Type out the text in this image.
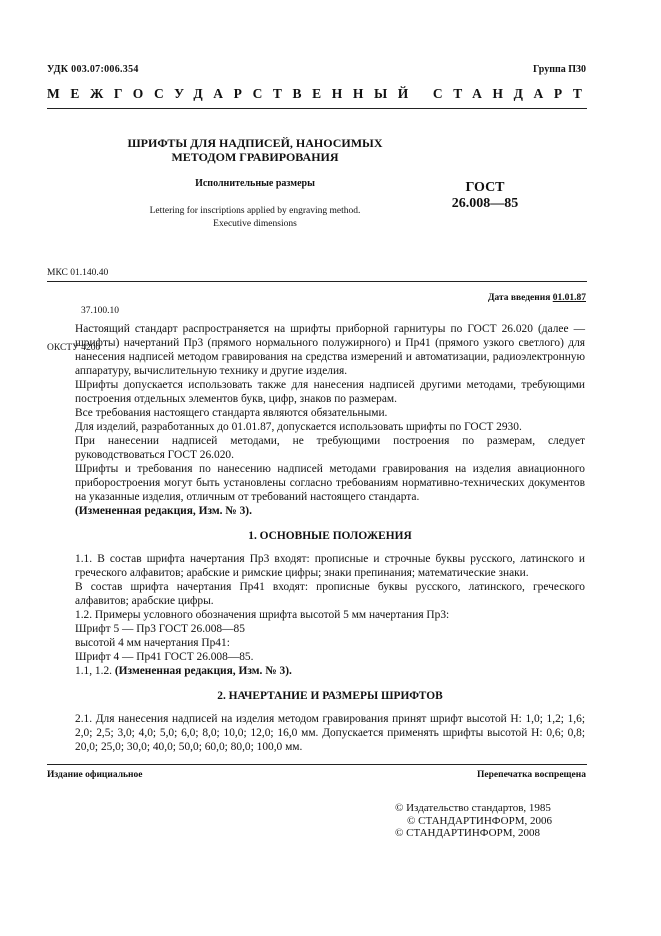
УДК 003.07:006.354	Группа П30
МЕЖГОСУДАРСТВЕННЫЙ СТАНДАРТ
ШРИФТЫ ДЛЯ НАДПИСЕЙ, НАНОСИМЫХ
МЕТОДОМ ГРАВИРОВАНИЯ
Исполнительные размеры
Lettering for inscriptions applied by engraving method.
Executive dimensions
ГОСТ
26.008—85

МКС 01.140.40

37.100.10

ОКСТУ 4200

Дата введения 01.01.87

Настоящий стандарт распространяется на шрифты приборной гарнитуры по ГОСТ 26.020 (далее — шрифты) начертаний Пр3 (прямого нормального полужирного) и Пр41 (прямого узкого светлого) для нанесения надписей методом гравирования на средства измерений и автоматизации, радиоэлектронную аппаратуру, вычислительную технику и другие изделия.

Шрифты допускается использовать также для нанесения надписей другими методами, требующими построения отдельных элементов букв, цифр, знаков по размерам.

Все требования настоящего стандарта являются обязательными.

Для изделий, разработанных до 01.01.87, допускается использовать шрифты по ГОСТ 2930.

При нанесении надписей методами, не требующими построения по размерам, следует руководствоваться ГОСТ 26.020.

Шрифты и требования по нанесению надписей методами гравирования на изделия авиационного приборостроения могут быть установлены согласно требованиям нормативно-технических документов на указанные изделия, отличным от требований настоящего стандарта.

(Измененная редакция, Изм. № 3).

1. ОСНОВНЫЕ ПОЛОЖЕНИЯ

1.1. В состав шрифта начертания Пр3 входят: прописные и строчные буквы русского, латинского и греческого алфавитов; арабские и римские цифры; знаки препинания; математические знаки.

В состав шрифта начертания Пр41 входят: прописные буквы русского, латинского, греческого алфавитов; арабские цифры.

1.2. Примеры условного обозначения шрифта высотой 5 мм начертания Пр3:

Шрифт 5 — Пр3 ГОСТ 26.008—85

высотой 4 мм начертания Пр41:

Шрифт 4 — Пр41 ГОСТ 26.008—85.

1.1, 1.2. (Измененная редакция, Изм. № 3).

2. НАЧЕРТАНИЕ И РАЗМЕРЫ ШРИФТОВ

2.1. Для нанесения надписей на изделия методом гравирования принят шрифт высотой H: 1,0; 1,2; 1,6; 2,0; 2,5; 3,0; 4,0; 5,0; 6,0; 8,0; 10,0; 12,0; 16,0 мм. Допускается применять шрифты высотой H: 0,6; 0,8; 20,0; 25,0; 30,0; 40,0; 50,0; 60,0; 80,0; 100,0 мм.

Издание официальное	Перепечатка воспрещена
© Издательство стандартов, 1985
© СТАНДАРТИНФОРМ, 2006
© СТАНДАРТИНФОРМ, 2008
